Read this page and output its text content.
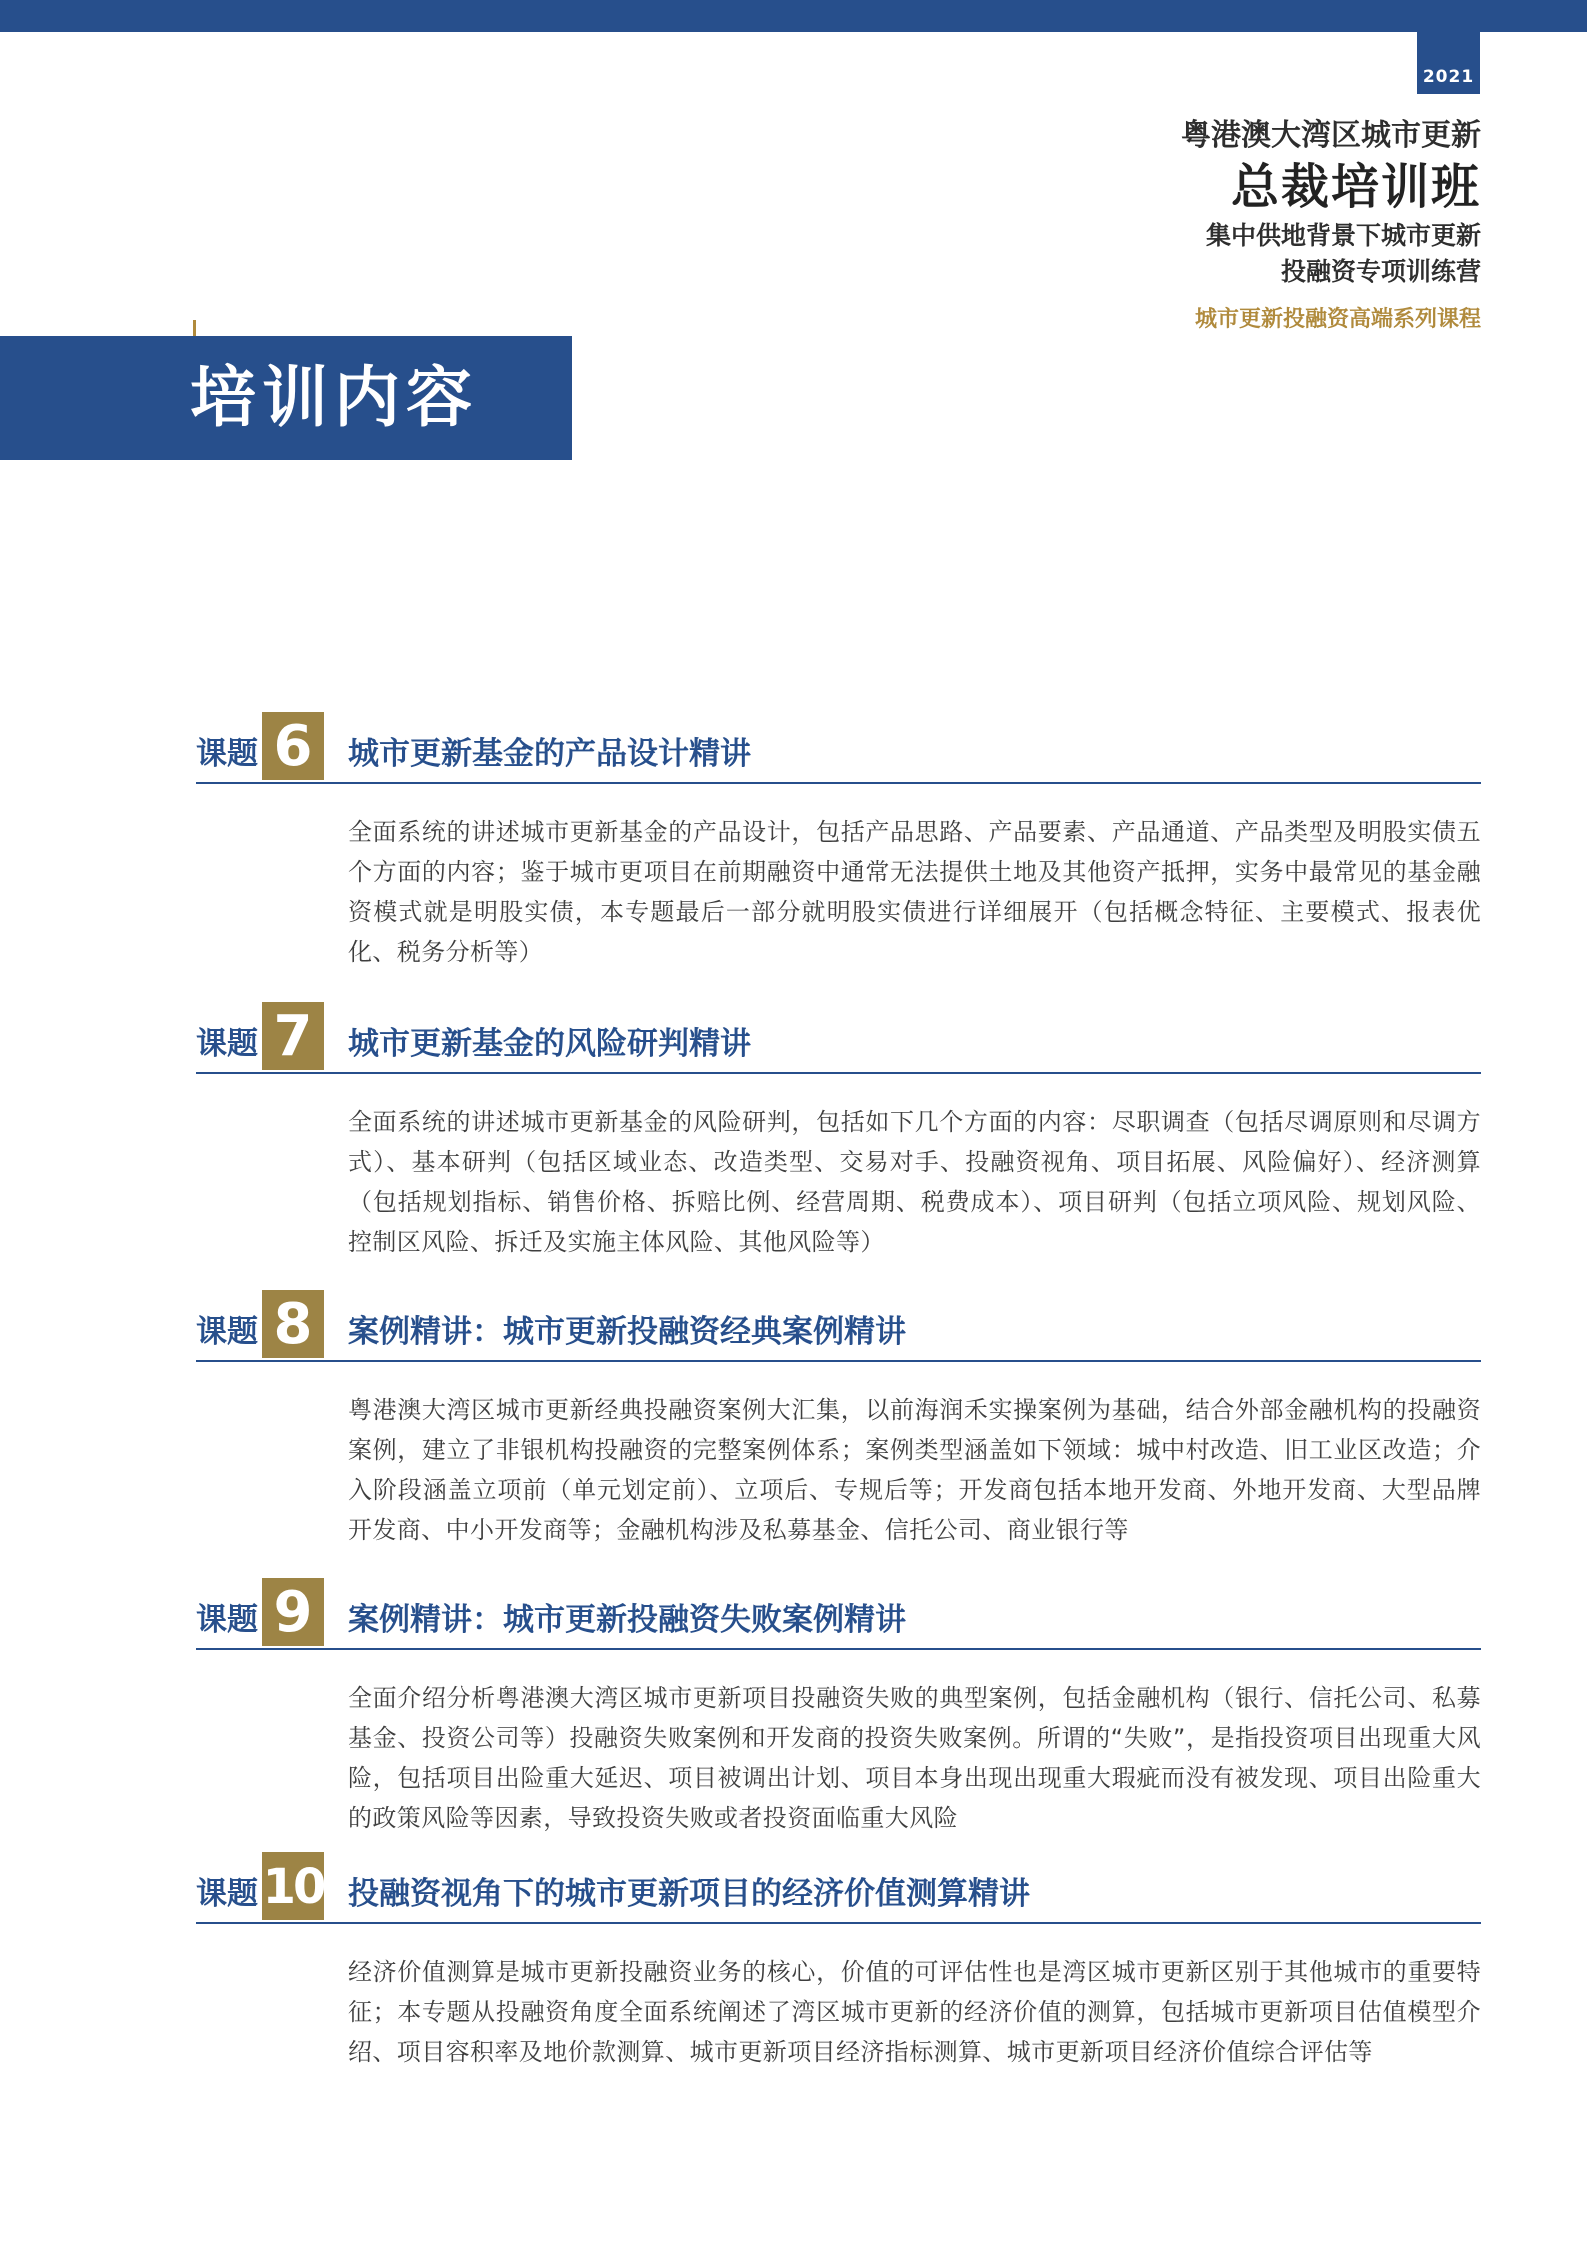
2021
粤港澳大湾区城市更新
总裁培训班
集中供地背景下城市更新
投融资专项训练营
城市更新投融资高端系列课程
培训内容
课题 6	城市更新基金的产品设计精讲
全面系统的讲述城市更新基金的产品设计，包括产品思路、产品要素、产品通道、产品类型及明股实债五个方面的内容；鉴于城市更项目在前期融资中通常无法提供土地及其他资产抵押，实务中最常见的基金融资模式就是明股实债，本专题最后一部分就明股实债进行详细展开（包括概念特征、主要模式、报表优化、税务分析等）
课题 7	城市更新基金的风险研判精讲
全面系统的讲述城市更新基金的风险研判，包括如下几个方面的内容：尽职调查（包括尽调原则和尽调方式）、基本研判（包括区域业态、改造类型、交易对手、投融资视角、项目拓展、风险偏好）、经济测算（包括规划指标、销售价格、拆赔比例、经营周期、税费成本）、项目研判（包括立项风险、规划风险、控制区风险、拆迁及实施主体风险、其他风险等）
课题 8	案例精讲：城市更新投融资经典案例精讲
粤港澳大湾区城市更新经典投融资案例大汇集，以前海润禾实操案例为基础，结合外部金融机构的投融资案例，建立了非银机构投融资的完整案例体系；案例类型涵盖如下领域：城中村改造、旧工业区改造；介入阶段涵盖立项前（单元划定前）、立项后、专规后等；开发商包括本地开发商、外地开发商、大型品牌开发商、中小开发商等；金融机构涉及私募基金、信托公司、商业银行等
课题 9	案例精讲：城市更新投融资失败案例精讲
全面介绍分析粤港澳大湾区城市更新项目投融资失败的典型案例，包括金融机构（银行、信托公司、私募基金、投资公司等）投融资失败案例和开发商的投资失败案例。所谓的“失败”，是指投资项目出现重大风险，包括项目出险重大延迟、项目被调出计划、项目本身出现出现重大瑕疵而没有被发现、项目出险重大的政策风险等因素，导致投资失败或者投资面临重大风险
课题 10 投融资视角下的城市更新项目的经济价值测算精讲
经济价值测算是城市更新投融资业务的核心，价值的可评估性也是湾区城市更新区别于其他城市的重要特征；本专题从投融资角度全面系统阐述了湾区城市更新的经济价值的测算，包括城市更新项目估值模型介绍、项目容积率及地价款测算、城市更新项目经济指标测算、城市更新项目经济价值综合评估等
